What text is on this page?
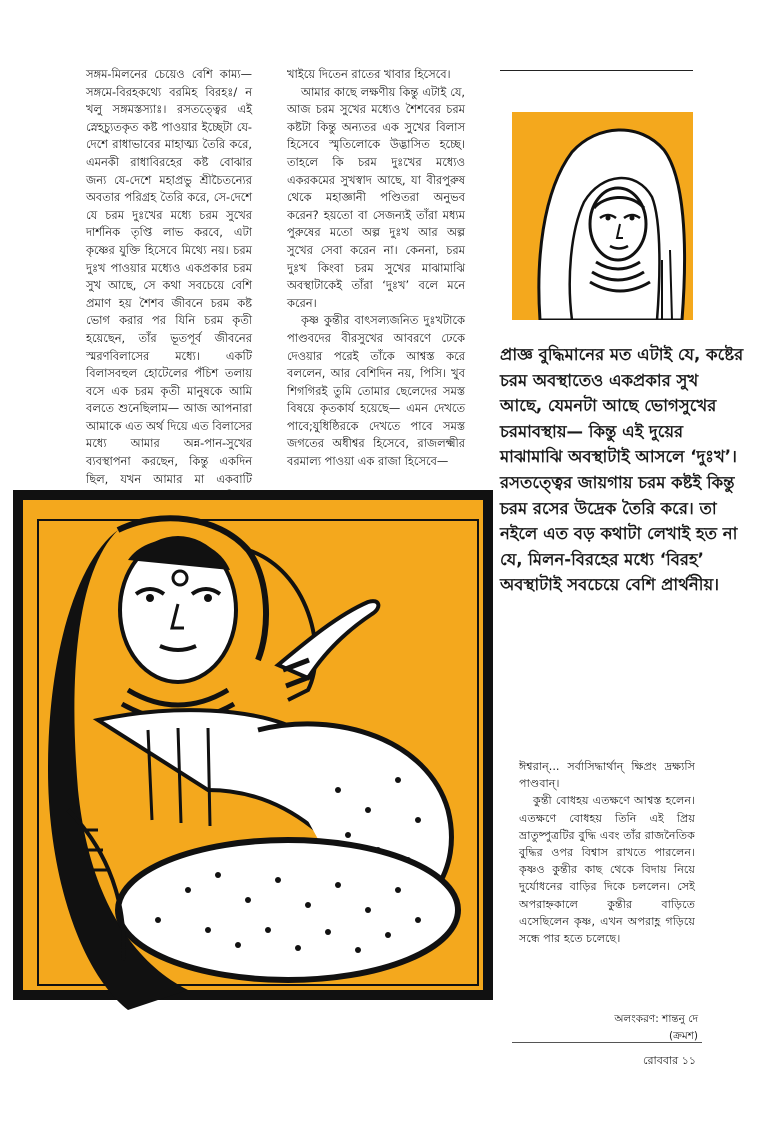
সঙ্গম-মিলনের চেয়েও বেশি কাম্য— সঙ্গমে-বিরহকথ্যে বরমিহ বিরহঃ/ ন খলু সঙ্গমস্তস্যাঃ। রসতত্ত্বের এই স্নেহচ্যুতকৃত কষ্ট পাওয়ার ইচ্ছেটা যে-দেশে রাধাভাবের মাহাত্ম্য তৈরি করে, এমনকী রাধাবিরহের কষ্ট বোঝার জন্য যে-দেশে মহাপ্রভু শ্রীচৈতন্যের অবতার পরিগ্রহ তৈরি করে, সে-দেশে যে চরম দুঃখের মধ্যে চরম সুখের দার্শনিক তৃপ্তি লাভ করবে, এটা কৃষ্ণের যুক্তি হিসেবে মিথ্যে নয়। চরম দুঃখ পাওয়ার মধ্যেও একপ্রকার চরম সুখ আছে, সে কথা সবচেয়ে বেশি প্রমাণ হয় শৈশব জীবনে চরম কষ্ট ভোগ করার পর যিনি চরম কৃতী হয়েছেন, তাঁর ভূতপূর্ব জীবনের স্মরণবিলাসের মধ্যে। একটি বিলাসবহুল হোটেলের পঁচিশ তলায় বসে এক চরম কৃতী মানুষকে আমি বলতে শুনেছিলাম— আজ আপনারা আমাকে এত অর্থ দিয়ে এত বিলাসের মধ্যে আমার অন্ন-পান-সুখের ব্যবস্থাপনা করছেন, কিন্তু একদিন ছিল, যখন আমার মা একবাটি

খাইয়ে দিতেন রাতের খাবার হিসেবে।

আমার কাছে লক্ষণীয় কিন্তু এটাই যে, আজ চরম সুখের মধ্যেও শৈশবের চরম কষ্টটা কিন্তু অন্যতর এক সুখের বিলাস হিসেবে স্মৃতিলোকে উদ্ভাসিত হচ্ছে। তাহলে কি চরম দুঃখের মধ্যেও একরকমের সুখস্বাদ আছে, যা বীরপুরুষ থেকে মহাজ্ঞানী পণ্ডিতরা অনুভব করেন? হয়তো বা সেজন্যই তাঁরা মধ্যম পুরুষের মতো অল্প দুঃখ আর অল্প সুখের সেবা করেন না। কেননা, চরম দুঃখ কিংবা চরম সুখের মাঝামাঝি অবস্থাটাকেই তাঁরা ‘দুঃখ’ বলে মনে করেন।

কৃষ্ণ কুন্তীর বাৎসল্যজনিত দুঃখটাকে পাণ্ডবদের বীরসুখের আবরণে ঢেকে দেওয়ার পরেই তাঁকে আশ্বস্ত করে বললেন, আর বেশিদিন নয়, পিসি। খুব শিগগিরই তুমি তোমার ছেলেদের সমস্ত বিষয়ে কৃতকার্য হয়েছে— এমন দেখতে পাবে;যুধিষ্ঠিরকে দেখতে পাবে সমস্ত জগতের অধীশ্বর হিসেবে, রাজলক্ষ্মীর বরমাল্য পাওয়া এক রাজা হিসেবে—

প্রাজ্ঞ বুদ্ধিমানের মত এটাই যে, কষ্টের চরম অবস্থাতেও একপ্রকার সুখ আছে, যেমনটা আছে ভোগসুখের চরমাবস্থায়— কিন্তু এই দুয়ের মাঝামাঝি অবস্থাটাই আসলে ‘দুঃখ’। রসতত্ত্বের জায়গায় চরম কষ্টই কিন্তু চরম রসের উদ্রেক তৈরি করে। তা নইলে এত বড় কথাটা লেখাই হত না যে, মিলন-বিরহের মধ্যে ‘বিরহ’ অবস্থাটাই সবচেয়ে বেশি প্রার্থনীয়।

ঈশ্বরান্... সর্বাসিদ্ধার্থান্ ক্ষিপ্রং দ্রক্ষ্যসি পাণ্ডবান্।

কুন্তী বোধহয় এতক্ষণে আশ্বস্ত হলেন। এতক্ষণে বোধহয় তিনি এই প্রিয় ভ্রাতুষ্পুত্রটির বুদ্ধি এবং তাঁর রাজনৈতিক বুদ্ধির ওপর বিশ্বাস রাখতে পারলেন। কৃষ্ণও কুন্তীর কাছ থেকে বিদায় নিয়ে দুর্যোধনের বাড়ির দিকে চললেন। সেই অপরাহ্নকালে কুন্তীর বাড়িতে এসেছিলেন কৃষ্ণ, এখন অপরাহ্ণ গড়িয়ে সন্ধে পার হতে চলেছে।

অলংকরণ: শান্তনু দে
(ক্রমশ)
রোববার ১১
